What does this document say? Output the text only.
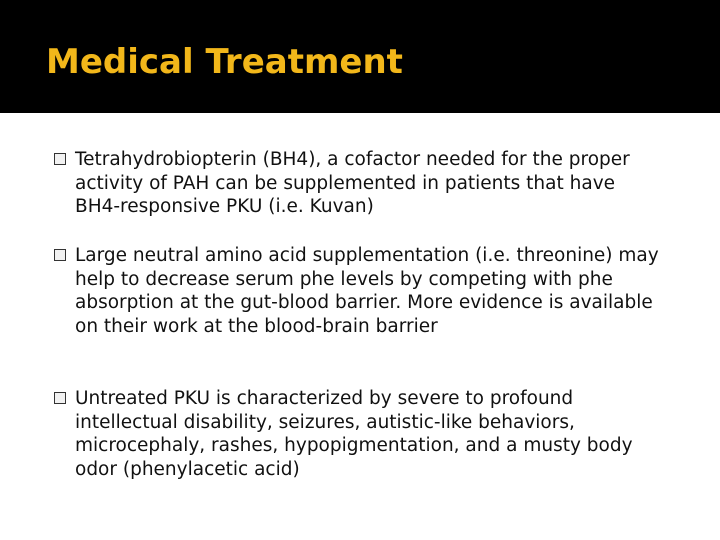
Medical Treatment

Tetrahydrobiopterin (BH4), a cofactor needed for the proper activity of PAH can be supplemented in patients that have BH4-responsive PKU (i.e. Kuvan)

Large neutral amino acid supplementation (i.e. threonine) may help to decrease serum phe levels by competing with phe absorption at the gut-blood barrier. More evidence is available on their work at the blood-brain barrier

Untreated PKU is characterized by severe to profound intellectual disability, seizures, autistic-like behaviors, microcephaly, rashes, hypopigmentation, and a musty body odor (phenylacetic acid)
